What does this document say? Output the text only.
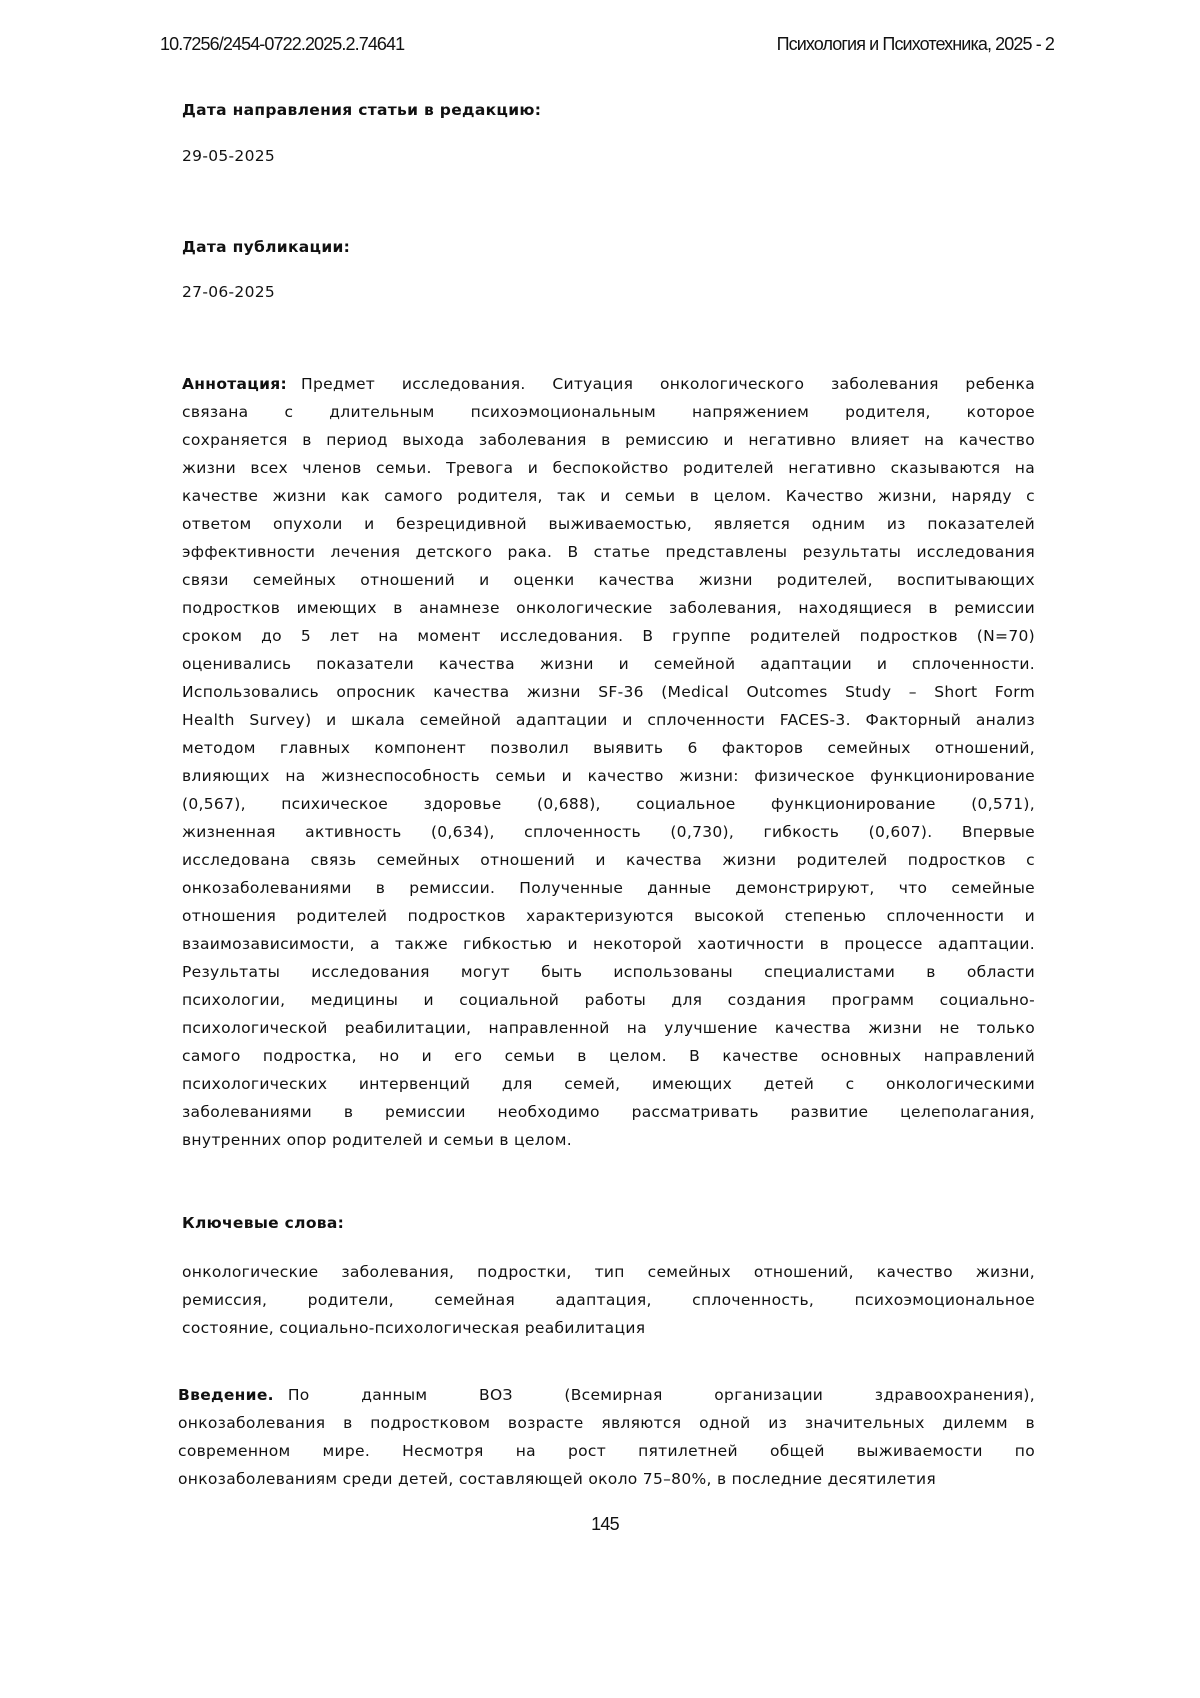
10.7256/2454-0722.2025.2.74641	Психология и Психотехника, 2025 - 2
Дата направления статьи в редакцию:
29-05-2025
Дата публикации:
27-06-2025
Аннотация: Предмет исследования. Ситуация онкологического заболевания ребенка
связана с длительным психоэмоциональным напряжением родителя, которое
сохраняется в период выхода заболевания в ремиссию и негативно влияет на качество
жизни всех членов семьи. Тревога и беспокойство родителей негативно сказываются на
качестве жизни как самого родителя, так и семьи в целом. Качество жизни, наряду с
ответом опухоли и безрецидивной выживаемостью, является одним из показателей
эффективности лечения детского рака. В статье представлены результаты исследования
связи семейных отношений и оценки качества жизни родителей, воспитывающих
подростков имеющих в анамнезе онкологические заболевания, находящиеся в ремиссии
сроком до 5 лет на момент исследования. В группе родителей подростков (N=70)
оценивались показатели качества жизни и семейной адаптации и сплоченности.
Использовались опросник качества жизни SF-36 (Medical Outcomes Study – Short Form
Health Survey) и шкала семейной адаптации и сплоченности FACES-3. Факторный анализ
методом главных компонент позволил выявить 6 факторов семейных отношений,
влияющих на жизнеспособность семьи и качество жизни: физическое функционирование
(0,567), психическое здоровье (0,688), социальное функционирование (0,571),
жизненная активность (0,634), сплоченность (0,730), гибкость (0,607). Впервые
исследована связь семейных отношений и качества жизни родителей подростков с
онкозаболеваниями в ремиссии. Полученные данные демонстрируют, что семейные
отношения родителей подростков характеризуются высокой степенью сплоченности и
взаимозависимости, а также гибкостью и некоторой хаотичности в процессе адаптации.
Результаты исследования могут быть использованы специалистами в области
психологии, медицины и социальной работы для создания программ социально-
психологической реабилитации, направленной на улучшение качества жизни не только
самого подростка, но и его семьи в целом. В качестве основных направлений
психологических интервенций для семей, имеющих детей с онкологическими
заболеваниями в ремиссии необходимо рассматривать развитие целеполагания,
внутренних опор родителей и семьи в целом.
Ключевые слова:
онкологические заболевания, подростки, тип семейных отношений, качество жизни,
ремиссия, родители, семейная адаптация, сплоченность, психоэмоциональное
состояние, социально-психологическая реабилитация
Введение. По данным ВОЗ (Всемирная организации здравоохранения),
онкозаболевания в подростковом возрасте являются одной из значительных дилемм в
современном мире. Несмотря на рост пятилетней общей выживаемости по
онкозаболеваниям среди детей, составляющей около 75–80%, в последние десятилетия
145
